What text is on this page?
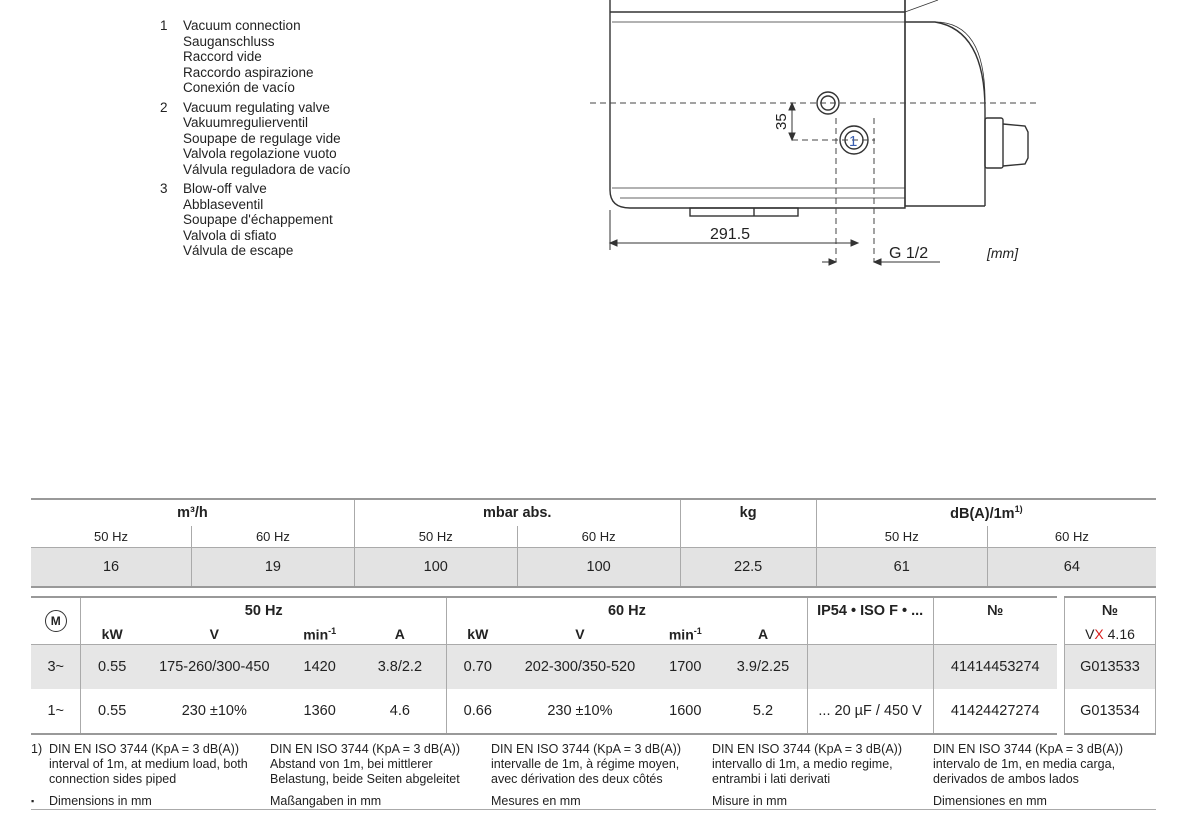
1	Vacuum connection
Sauganschluss
Raccord vide
Raccordo aspirazione
Conexión de vacío
2	Vacuum regulating valve
Vakuumregulierventil
Soupape de regulage vide
Valvola regolazione vuoto
Válvula reguladora de vacío
3	Blow-off valve
Abblaseventil
Soupape d'échappement
Valvola di sfiato
Válvula de escape
1
35
291.5
G 1/2	[mm]
m³/h		mbar abs.		kg	$dB(A)/1m^{1)}$
50 Hz	60 Hz	50 Hz	60 Hz		50 Hz	60 Hz
16	19	100	100	22.5	61	64
M	50 Hz				60 Hz				IP54 • ISO F • ...	№		№
	kW	V	$\min^{-1}$	A	kW	V	$\min^{-1}$	A				VX 4.16
3~	0.55	175-260/300-450	1420	3.8/2.2	0.70	202-300/350-520	1700	3.9/2.25		41414453274		G013533
1~	0.55	230 ±10%	1360	4.6	0.66	230 ±10%	1600	5.2	... 20 µF / 450 V	41424427274		G013534
1) DIN EN ISO 3744 (KpA = 3 dB(A))
interval of 1m, at medium load, both
connection sides piped
DIN EN ISO 3744 (KpA = 3 dB(A))
Abstand von 1m, bei mittlerer
Belastung, beide Seiten abgeleitet
DIN EN ISO 3744 (KpA = 3 dB(A))
intervalle de 1m, à régime moyen,
avec dérivation des deux côtés
DIN EN ISO 3744 (KpA = 3 dB(A))
intervallo di 1m, a medio regime,
entrambi i lati derivati
DIN EN ISO 3744 (KpA = 3 dB(A))
intervalo de 1m, en media carga,
derivados de ambos lados
▪	Dimensions in mm	Maßangaben in mm	Mesures en mm	Misure in mm	Dimensiones en mm
